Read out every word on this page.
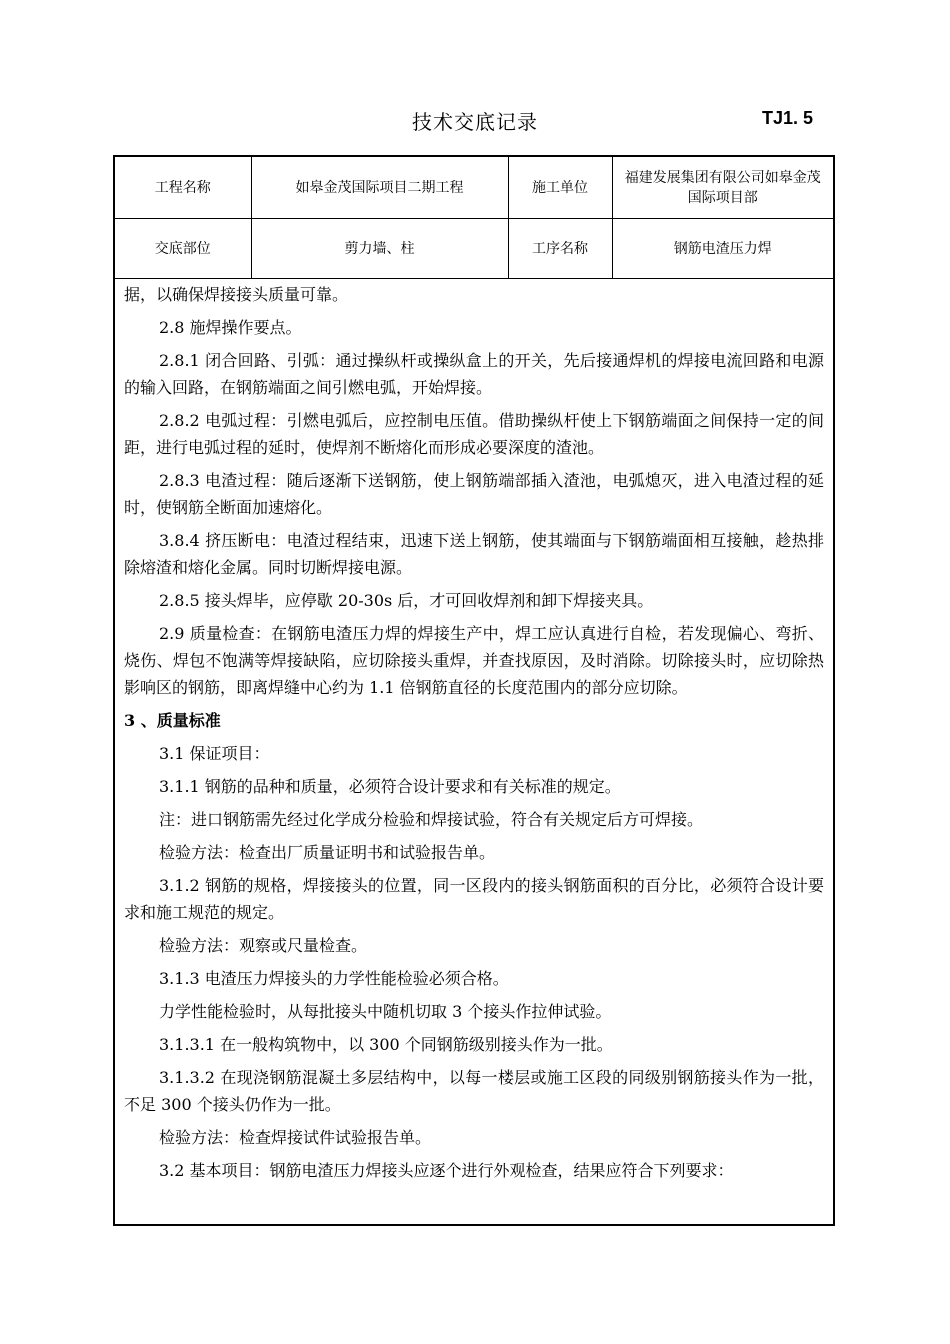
技术交底记录	TJ1. 5
工程名称	如皋金茂国际项目二期工程	施工单位	福建发展集团有限公司如皋金茂国际项目部
交底部位	剪力墙、柱	工序名称	钢筋电渣压力焊

据，以确保焊接接头质量可靠。

2.8 施焊操作要点。

2.8.1 闭合回路、引弧：通过操纵杆或操纵盒上的开关，先后接通焊机的焊接电流回路和电源的输入回路，在钢筋端面之间引燃电弧，开始焊接。

2.8.2 电弧过程：引燃电弧后，应控制电压值。借助操纵杆使上下钢筋端面之间保持一定的间距，进行电弧过程的延时，使焊剂不断熔化而形成必要深度的渣池。

2.8.3 电渣过程：随后逐渐下送钢筋，使上钢筋端部插入渣池，电弧熄灭，进入电渣过程的延时，使钢筋全断面加速熔化。

3.8.4 挤压断电：电渣过程结束，迅速下送上钢筋，使其端面与下钢筋端面相互接触，趁热排除熔渣和熔化金属。同时切断焊接电源。

2.8.5 接头焊毕，应停歇 20-30s 后，才可回收焊剂和卸下焊接夹具。

2.9 质量检查：在钢筋电渣压力焊的焊接生产中，焊工应认真进行自检，若发现偏心、弯折、烧伤、焊包不饱满等焊接缺陷，应切除接头重焊，并查找原因，及时消除。切除接头时，应切除热影响区的钢筋，即离焊缝中心约为 1.1 倍钢筋直径的长度范围内的部分应切除。

3 、质量标准

3.1 保证项目：

3.1.1 钢筋的品种和质量，必须符合设计要求和有关标准的规定。

注：进口钢筋需先经过化学成分检验和焊接试验，符合有关规定后方可焊接。

检验方法：检查出厂质量证明书和试验报告单。

3.1.2 钢筋的规格，焊接接头的位置，同一区段内的接头钢筋面积的百分比，必须符合设计要求和施工规范的规定。

检验方法：观察或尺量检查。

3.1.3 电渣压力焊接头的力学性能检验必须合格。

力学性能检验时，从每批接头中随机切取 3 个接头作拉伸试验。

3.1.3.1 在一般构筑物中，以 300 个同钢筋级别接头作为一批。

3.1.3.2 在现浇钢筋混凝土多层结构中，以每一楼层或施工区段的同级别钢筋接头作为一批，不足 300 个接头仍作为一批。

检验方法：检查焊接试件试验报告单。

3.2 基本项目：钢筋电渣压力焊接头应逐个进行外观检查，结果应符合下列要求：
